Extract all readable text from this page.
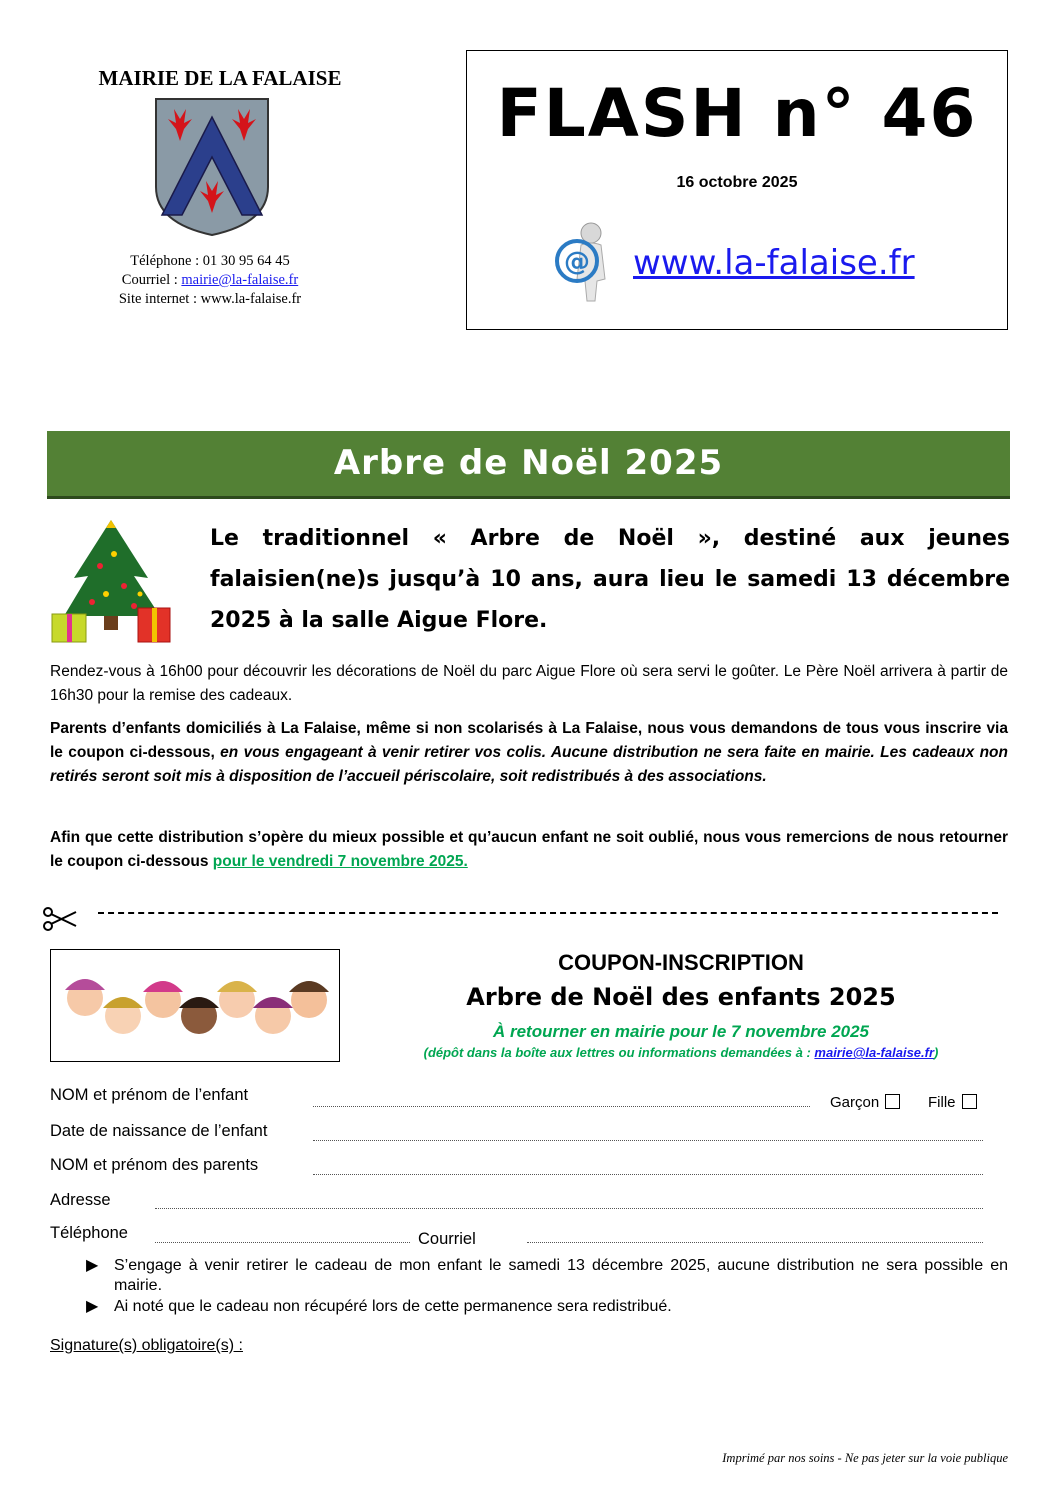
MAIRIE DE LA FALAISE
Téléphone : 01 30 95 64 45
Courriel : mairie@la-falaise.fr
Site internet : www.la-falaise.fr
FLASH n° 46
16 octobre 2025
@ www.la-falaise.fr
Arbre de Noël 2025
Le traditionnel « Arbre de Noël », destiné aux jeunes falaisien(ne)s jusqu’à 10 ans, aura lieu le samedi 13 décembre 2025 à la salle Aigue Flore.
Rendez-vous à 16h00 pour découvrir les décorations de Noël du parc Aigue Flore où sera servi le goûter. Le Père Noël arrivera à partir de 16h30 pour la remise des cadeaux.
Parents d’enfants domiciliés à La Falaise, même si non scolarisés à La Falaise, nous vous demandons de tous vous inscrire via le coupon ci-dessous, en vous engageant à venir retirer vos colis. Aucune distribution ne sera faite en mairie. Les cadeaux non retirés seront soit mis à disposition de l’accueil périscolaire, soit redistribués à des associations.
Afin que cette distribution s’opère du mieux possible et qu’aucun enfant ne soit oublié, nous vous remercions de nous retourner le coupon ci-dessous pour le vendredi 7 novembre 2025.
COUPON-INSCRIPTION
Arbre de Noël des enfants 2025
À retourner en mairie pour le 7 novembre 2025
(dépôt dans la boîte aux lettres ou informations demandées à : mairie@la-falaise.fr)
NOM et prénom de l’enfant	Garçon	Fille
Date de naissance de l’enfant
NOM et prénom des parents
Adresse
Téléphone	Courriel
▶ S’engage à venir retirer le cadeau de mon enfant le samedi 13 décembre 2025, aucune distribution ne sera possible en mairie.
▶ Ai noté que le cadeau non récupéré lors de cette permanence sera redistribué.
Signature(s) obligatoire(s) :
Imprimé par nos soins - Ne pas jeter sur la voie publique
